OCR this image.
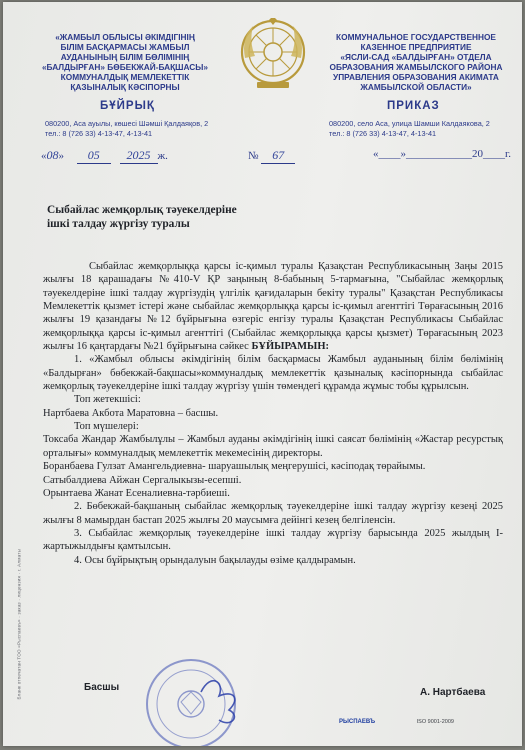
«ЖАМБЫЛ ОБЛЫСЫ ӘКІМДІГІНІҢ
БІЛІМ БАСҚАРМАСЫ ЖАМБЫЛ
АУДАНЫНЫҢ БІЛІМ БӨЛІМІНІҢ
«БАЛДЫРҒАН» БӨБЕКЖАЙ-БАҚШАСЫ»
КОММУНАЛДЫҚ МЕМЛЕКЕТТІК
ҚАЗЫНАЛЫҚ КӘСІПОРНЫ
БҰЙРЫҚ
080200, Аса ауылы, көшесі Шәмші Қалдаяқов, 2
тел.: 8 (726 33) 4-13-47, 4-13-41
КОММУНАЛЬНОЕ ГОСУДАРСТВЕННОЕ
КАЗЕННОЕ ПРЕДПРИЯТИЕ
«ЯСЛИ-САД «БАЛДЫРҒАН» ОТДЕЛА
ОБРАЗОВАНИЯ ЖАМБЫЛСКОГО РАЙОНА
УПРАВЛЕНИЯ ОБРАЗОВАНИЯ АКИМАТА
ЖАМБЫЛСКОЙ ОБЛАСТИ»
ПРИКАЗ
080200, село Аса, улица Шамши Калдаякова, 2
тел.: 8 (726 33) 4-13-47, 4-13-41
«08» 05 2025 ж.	№ 67	«____»____________20____г.
Сыбайлас жемқорлық тәуекелдеріне
ішкі талдау жүргізу туралы

Сыбайлас жемқорлыққа қарсы іс-қимыл туралы Қазақстан Республикасының Заңы 2015 жылғы 18 қарашадағы №410-V ҚР заңының 8-бабының 5-тармағына, "Сыбайлас жемқорлық тәуекелдеріне ішкі талдау жүргізудің үлгілік қағидаларын бекіту туралы" Қазақстан Республикасы Мемлекеттік қызмет істері және сыбайлас жемқорлыққа қарсы іс-қимыл агенттігі Төрағасының 2016 жылғы 19 қазандағы №12 бұйрығына өзгеріс енгізу туралы Қазақстан Республикасы Сыбайлас жемқорлыққа қарсы іс-қимыл агенттігі (Сыбайлас жемқорлыққа қарсы қызмет) Төрағасының 2023 жылғы 16 қаңтардағы №21 бұйрығына сәйкес БҰЙЫРАМЫН:

1. «Жамбыл облысы әкімдігінің білім басқармасы Жамбыл ауданының білім бөлімінің «Балдырған» бөбекжай-бақшасы»коммуналдық мемлекеттік қазыналық кәсіпорнында сыбайлас жемқорлық тәуекелдеріне ішкі талдау жүргізу үшін төмендегі құрамда жұмыс тобы құрылсын.

Топ жетекшісі:

Нартбаева Акбота Маратовна – басшы.

Топ мүшелері:

Токсаба Жандар Жамбылұлы – Жамбыл ауданы әкімдігінің ішкі саясат бөлімінің «Жастар ресурстық орталығы» коммуналдық мемлекеттік мекемесінің директоры.

Боранбаева Гулзат Амангельдиевна- шаруашылық меңгерушісі, кәсіподақ төрайымы.

Сатыбалдиева Айжан Сергалыкызы-есепші.

Орынтаева Жанат Есеналиевна-тәрбиеші.

2. Бөбекжай-бақшаның сыбайлас жемқорлық тәуекелдеріне ішкі талдау жүргізу кезеңі 2025 жылғы 8 мамырдан бастап 2025 жылғы 20 маусымға дейінгі кезең белгіленсін.

3. Сыбайлас жемқорлық тәуекелдеріне ішкі талдау жүргізу барысында 2025 жылдың І-жартыжылдығы қамтылсын.

4. Осы бұйрықтың орындалуын бақылауды өзіме қалдырамын.

Басшы	А. Нартбаева
Бланк отпечатан ТОО «Рыспаевъ» · заказ · лицензия · г. Алматы
РЫСПАЕВЪ	ISO 9001-2009
